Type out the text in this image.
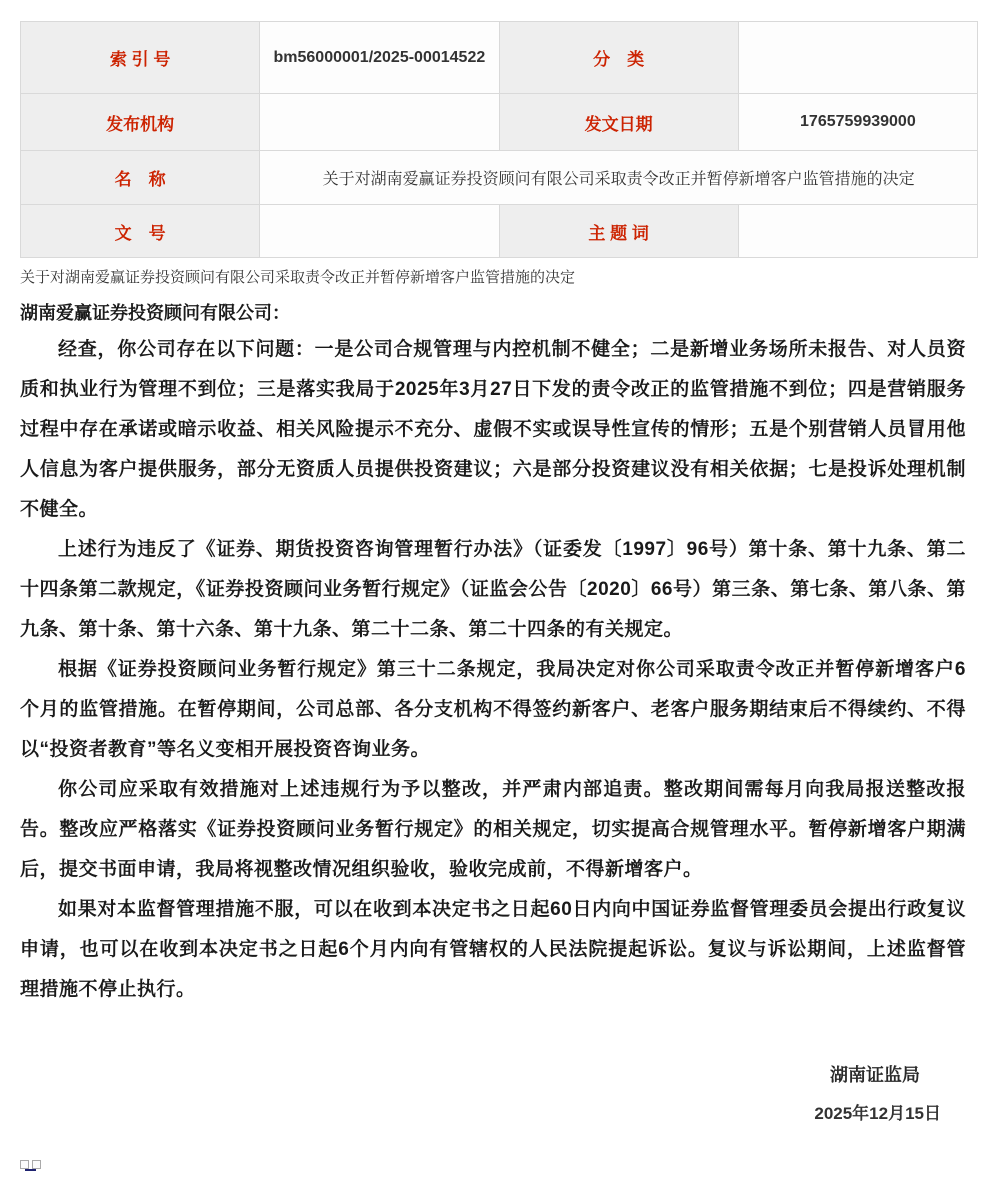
索 引 号	bm56000001/2025-00014522	分　类	
发布机构		发文日期	1765759939000
名　称	关于对湖南爱赢证券投资顾问有限公司采取责令改正并暂停新增客户监管措施的决定		
文　号		主 题 词	
关于对湖南爱赢证券投资顾问有限公司采取责令改正并暂停新增客户监管措施的决定
湖南爱赢证券投资顾问有限公司：

经查，你公司存在以下问题：一是公司合规管理与内控机制不健全；二是新增业务场所未报告、对人员资质和执业行为管理不到位；三是落实我局于2025年3月27日下发的责令改正的监管措施不到位；四是营销服务过程中存在承诺或暗示收益、相关风险提示不充分、虚假不实或误导性宣传的情形；五是个别营销人员冒用他人信息为客户提供服务，部分无资质人员提供投资建议；六是部分投资建议没有相关依据；七是投诉处理机制不健全。

上述行为违反了《证券、期货投资咨询管理暂行办法》（证委发〔1997〕96号）第十条、第十九条、第二十四条第二款规定，《证券投资顾问业务暂行规定》（证监会公告〔2020〕66号）第三条、第七条、第八条、第九条、第十条、第十六条、第十九条、第二十二条、第二十四条的有关规定。

根据《证券投资顾问业务暂行规定》第三十二条规定，我局决定对你公司采取责令改正并暂停新增客户6个月的监管措施。在暂停期间，公司总部、各分支机构不得签约新客户、老客户服务期结束后不得续约、不得以“投资者教育”等名义变相开展投资咨询业务。

你公司应采取有效措施对上述违规行为予以整改，并严肃内部追责。整改期间需每月向我局报送整改报告。整改应严格落实《证券投资顾问业务暂行规定》的相关规定，切实提高合规管理水平。暂停新增客户期满后，提交书面申请，我局将视整改情况组织验收，验收完成前，不得新增客户。

如果对本监督管理措施不服，可以在收到本决定书之日起60日内向中国证券监督管理委员会提出行政复议申请，也可以在收到本决定书之日起6个月内向有管辖权的人民法院提起诉讼。复议与诉讼期间，上述监督管理措施不停止执行。

湖南证监局
2025年12月15日
